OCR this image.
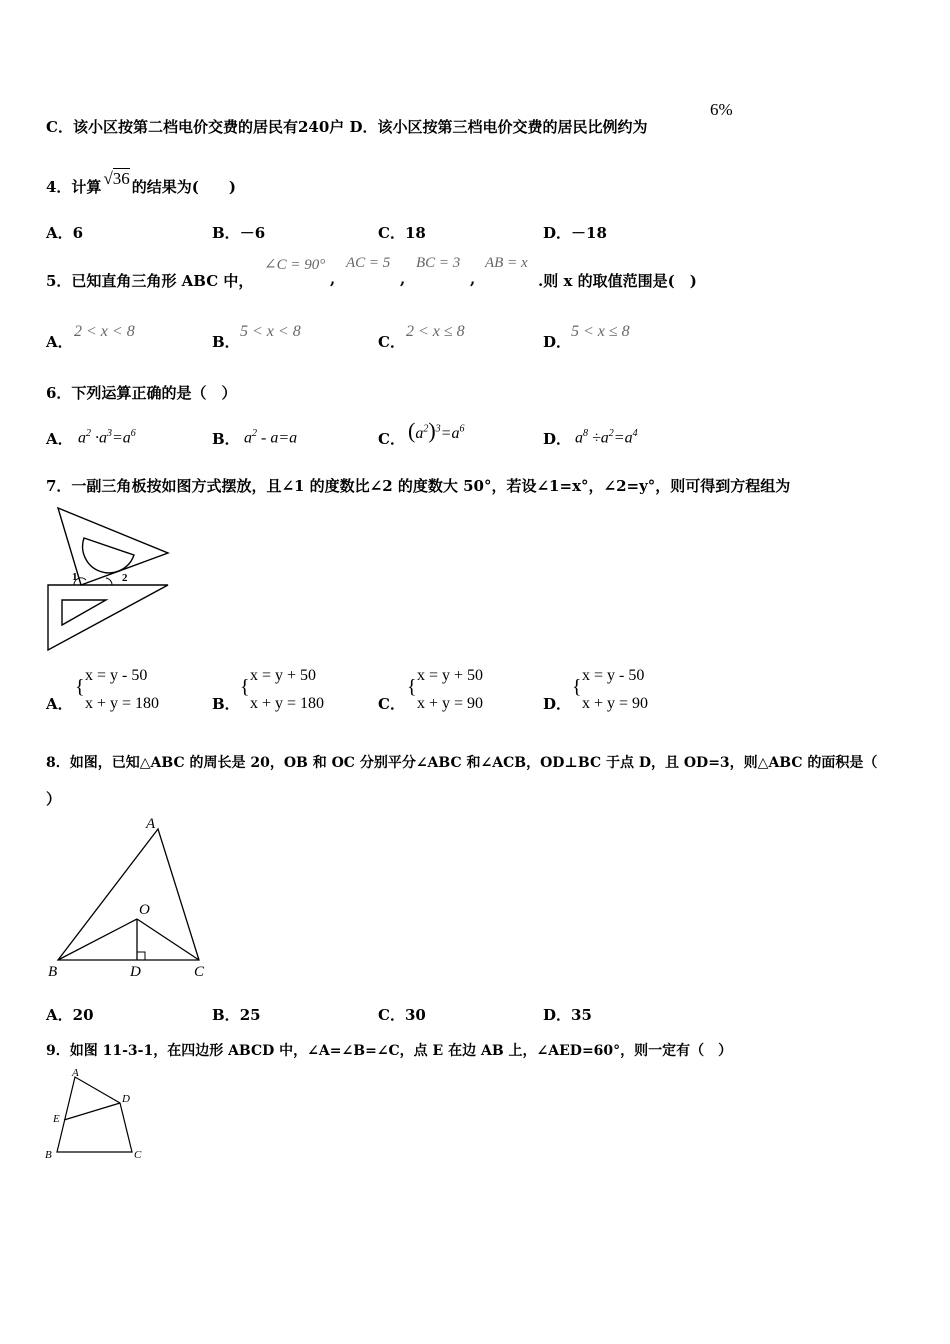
C．该小区按第二档电价交费的居民有240户 D．该小区按第三档电价交费的居民比例约为
6%
4．计算 √36 的结果为(　　)
A．6	B．－6	C．18	D．－18
5．已知直角三角形 ABC 中，
∠C = 90°
,
AC = 5
,
BC = 3
,
AB = x
.则 x 的取值范围是(　)
A．
2 < x < 8
B．
5 < x < 8
C．
2 < x ≤ 8
D．
5 < x ≤ 8
6．下列运算正确的是（　）
A． $a^2 \cdot a^3=a^6$	B． $a^2 - a=a$	C． $(a^2)^3=a^6$
D． $a^8 \div a^2=a^4$
7．一副三角板按如图方式摆放，且∠1 的度数比∠2 的度数大 50°，若设∠1=x°，∠2=y°，则可得到方程组为
1	2
A．
{
x = y - 50
x + y = 180	B．
{
x = y + 50
x + y = 180	C．
{
x = y + 50
x + y = 90	D．
{
x = y - 50
x + y = 90
8．如图，已知△ABC 的周长是 20，OB 和 OC 分别平分∠ABC 和∠ACB，OD⊥BC 于点 D，且 OD=3，则△ABC 的面积是（
）
A
B	C
D
O
A．20	B．25	C．30	D．35
9．如图 11-3-1，在四边形 ABCD 中，∠A=∠B=∠C，点 E 在边 AB 上，∠AED=60°，则一定有（　）
A
B	C
D
E
